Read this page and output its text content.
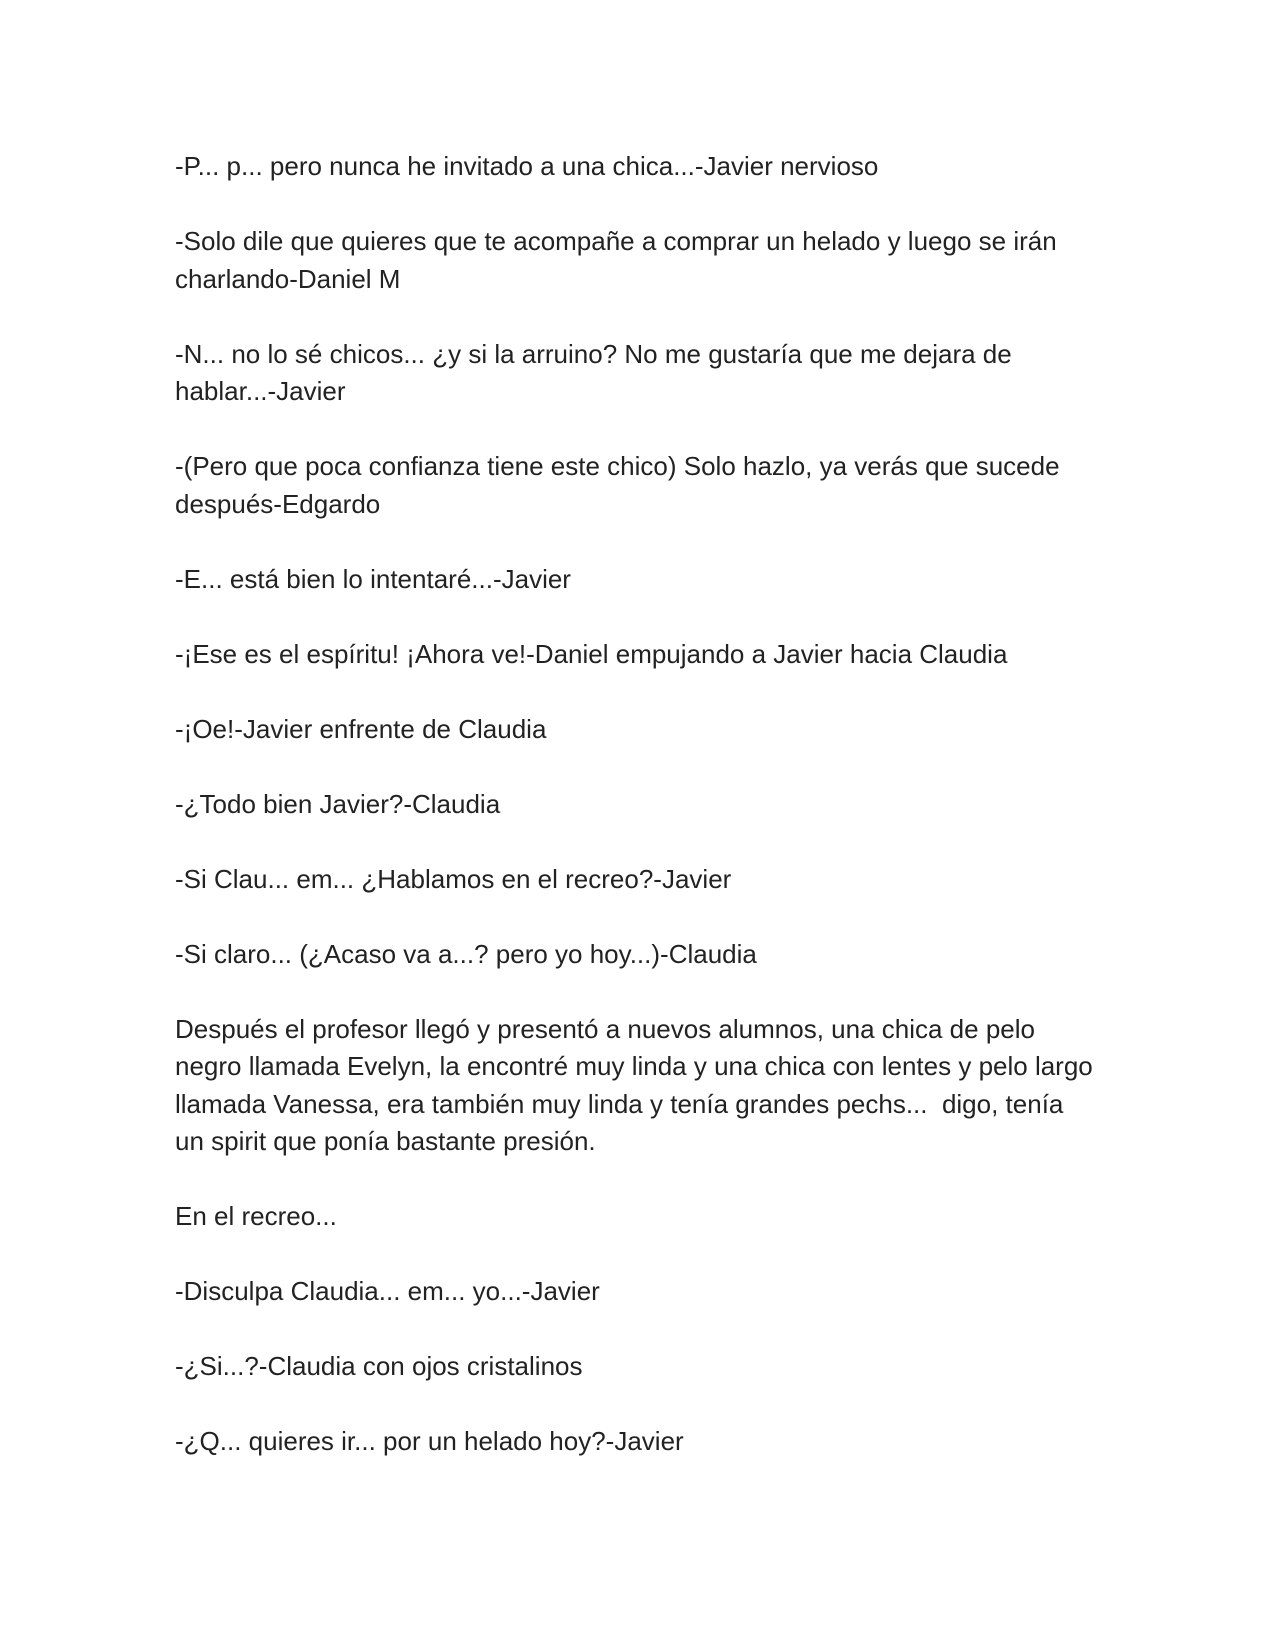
-P... p... pero nunca he invitado a una chica...-Javier nervioso

-Solo dile que quieres que te acompañe a comprar un helado y luego se irán charlando-Daniel M

-N... no lo sé chicos... ¿y si la arruino? No me gustaría que me dejara de hablar...-Javier

-(Pero que poca confianza tiene este chico) Solo hazlo, ya verás que sucede después-Edgardo

-E... está bien lo intentaré...-Javier

-¡Ese es el espíritu! ¡Ahora ve!-Daniel empujando a Javier hacia Claudia

-¡Oe!-Javier enfrente de Claudia

-¿Todo bien Javier?-Claudia

-Si Clau... em... ¿Hablamos en el recreo?-Javier

-Si claro... (¿Acaso va a...? pero yo hoy...)-Claudia

Después el profesor llegó y presentó a nuevos alumnos, una chica de pelo negro llamada Evelyn, la encontré muy linda y una chica con lentes y pelo largo llamada Vanessa, era también muy linda y tenía grandes pechs...  digo, tenía un spirit que ponía bastante presión.

En el recreo...

-Disculpa Claudia... em... yo...-Javier

-¿Si...?-Claudia con ojos cristalinos

-¿Q... quieres ir... por un helado hoy?-Javier
